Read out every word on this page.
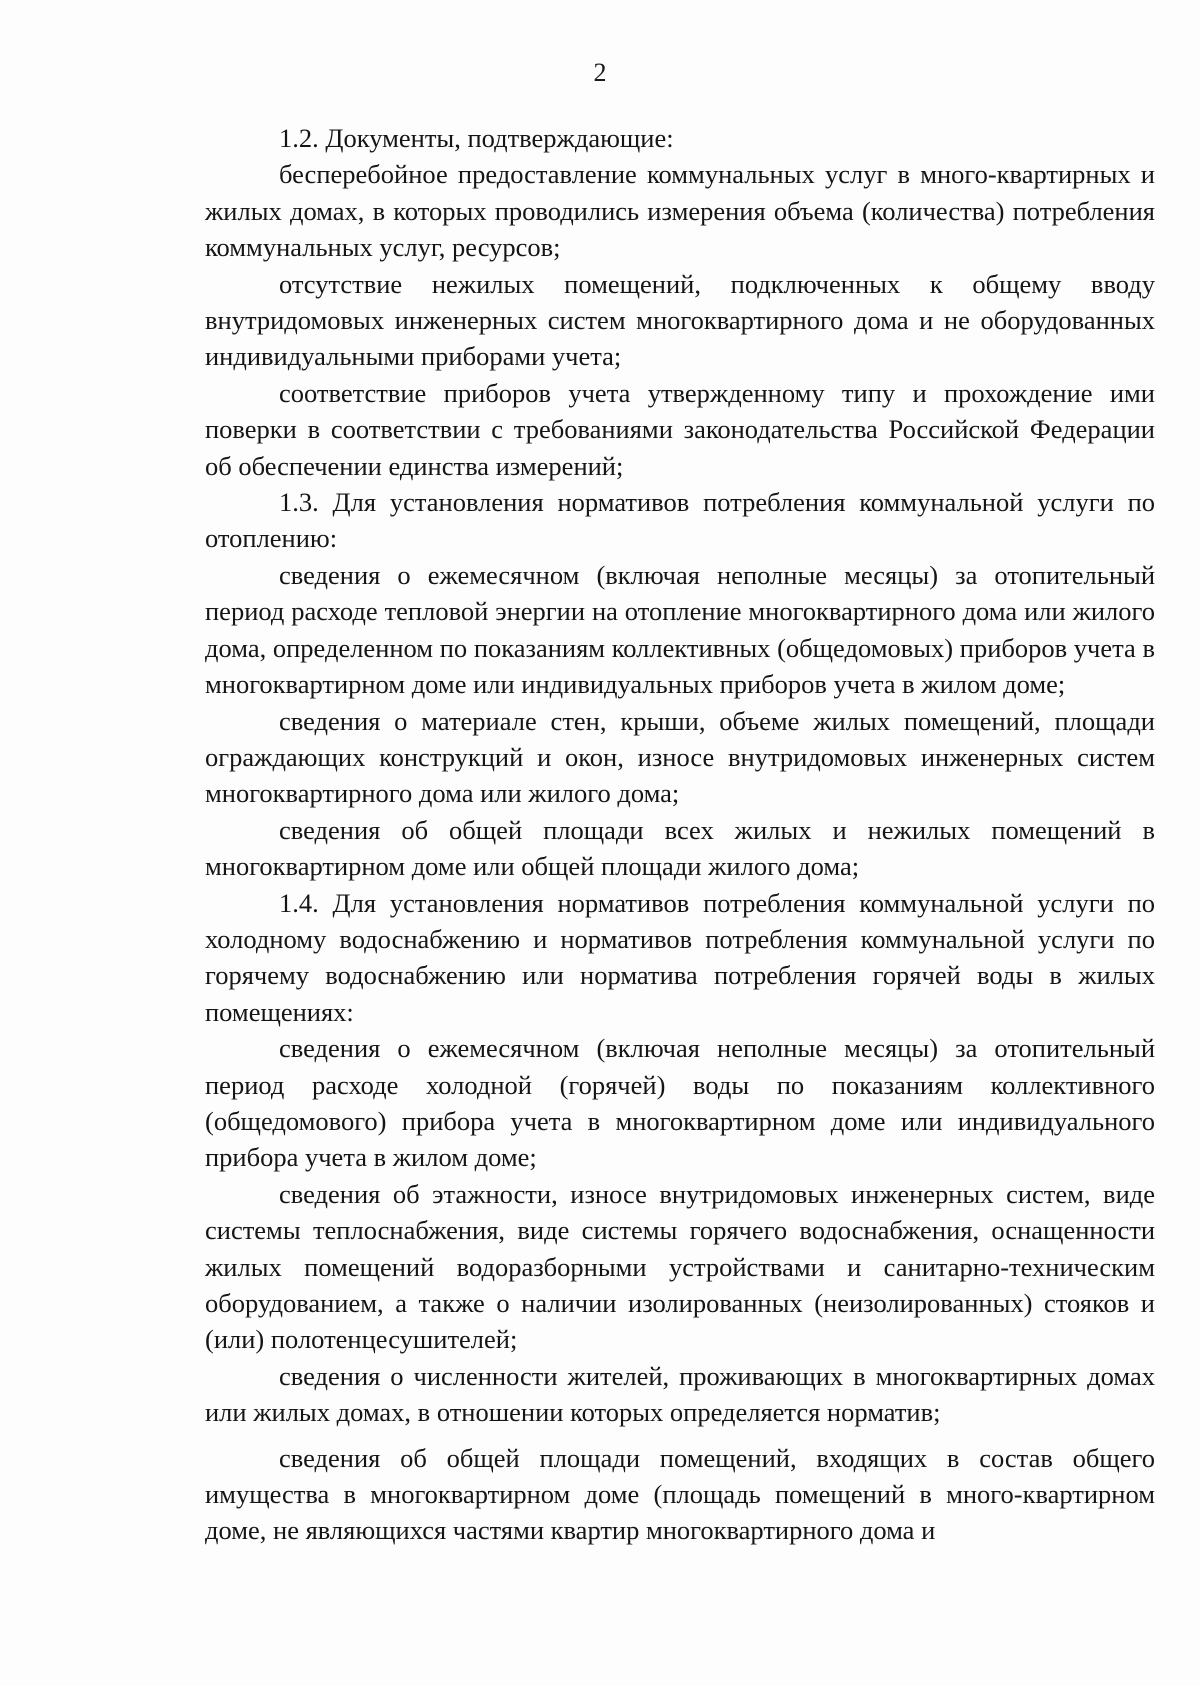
2

1.2. Документы, подтверждающие:

бесперебойное предоставление коммунальных услуг в много-квартирных и жилых домах, в которых проводились измерения объема (количества) потребления коммунальных услуг, ресурсов;

отсутствие нежилых помещений, подключенных к общему вводу внутридомовых инженерных систем многоквартирного дома и не оборудованных индивидуальными приборами учета;

соответствие приборов учета утвержденному типу и прохождение ими поверки в соответствии с требованиями законодательства Российской Федерации об обеспечении единства измерений;

1.3. Для установления нормативов потребления коммунальной услуги по отоплению:

сведения о ежемесячном (включая неполные месяцы) за отопительный период расходе тепловой энергии на отопление многоквартирного дома или жилого дома, определенном по показаниям коллективных (общедомовых) приборов учета в многоквартирном доме или индивидуальных приборов учета в жилом доме;

сведения о материале стен, крыши, объеме жилых помещений, площади ограждающих конструкций и окон, износе внутридомовых инженерных систем многоквартирного дома или жилого дома;

сведения об общей площади всех жилых и нежилых помещений в многоквартирном доме или общей площади жилого дома;

1.4. Для установления нормативов потребления коммунальной услуги по холодному водоснабжению и нормативов потребления коммунальной услуги по горячему водоснабжению или норматива потребления горячей воды в жилых помещениях:

сведения о ежемесячном (включая неполные месяцы) за отопительный период расходе холодной (горячей) воды по показаниям коллективного (общедомового) прибора учета в многоквартирном доме или индивидуального прибора учета в жилом доме;

сведения об этажности, износе внутридомовых инженерных систем, виде системы теплоснабжения, виде системы горячего водоснабжения, оснащенности жилых помещений водоразборными устройствами и санитарно-техническим оборудованием, а также о наличии изолированных (неизолированных) стояков и (или) полотенцесушителей;

сведения о численности жителей, проживающих в многоквартирных домах или жилых домах, в отношении которых определяется норматив;

сведения об общей площади помещений, входящих в состав общего имущества в многоквартирном доме (площадь помещений в много-квартирном доме, не являющихся частями квартир многоквартирного дома и
